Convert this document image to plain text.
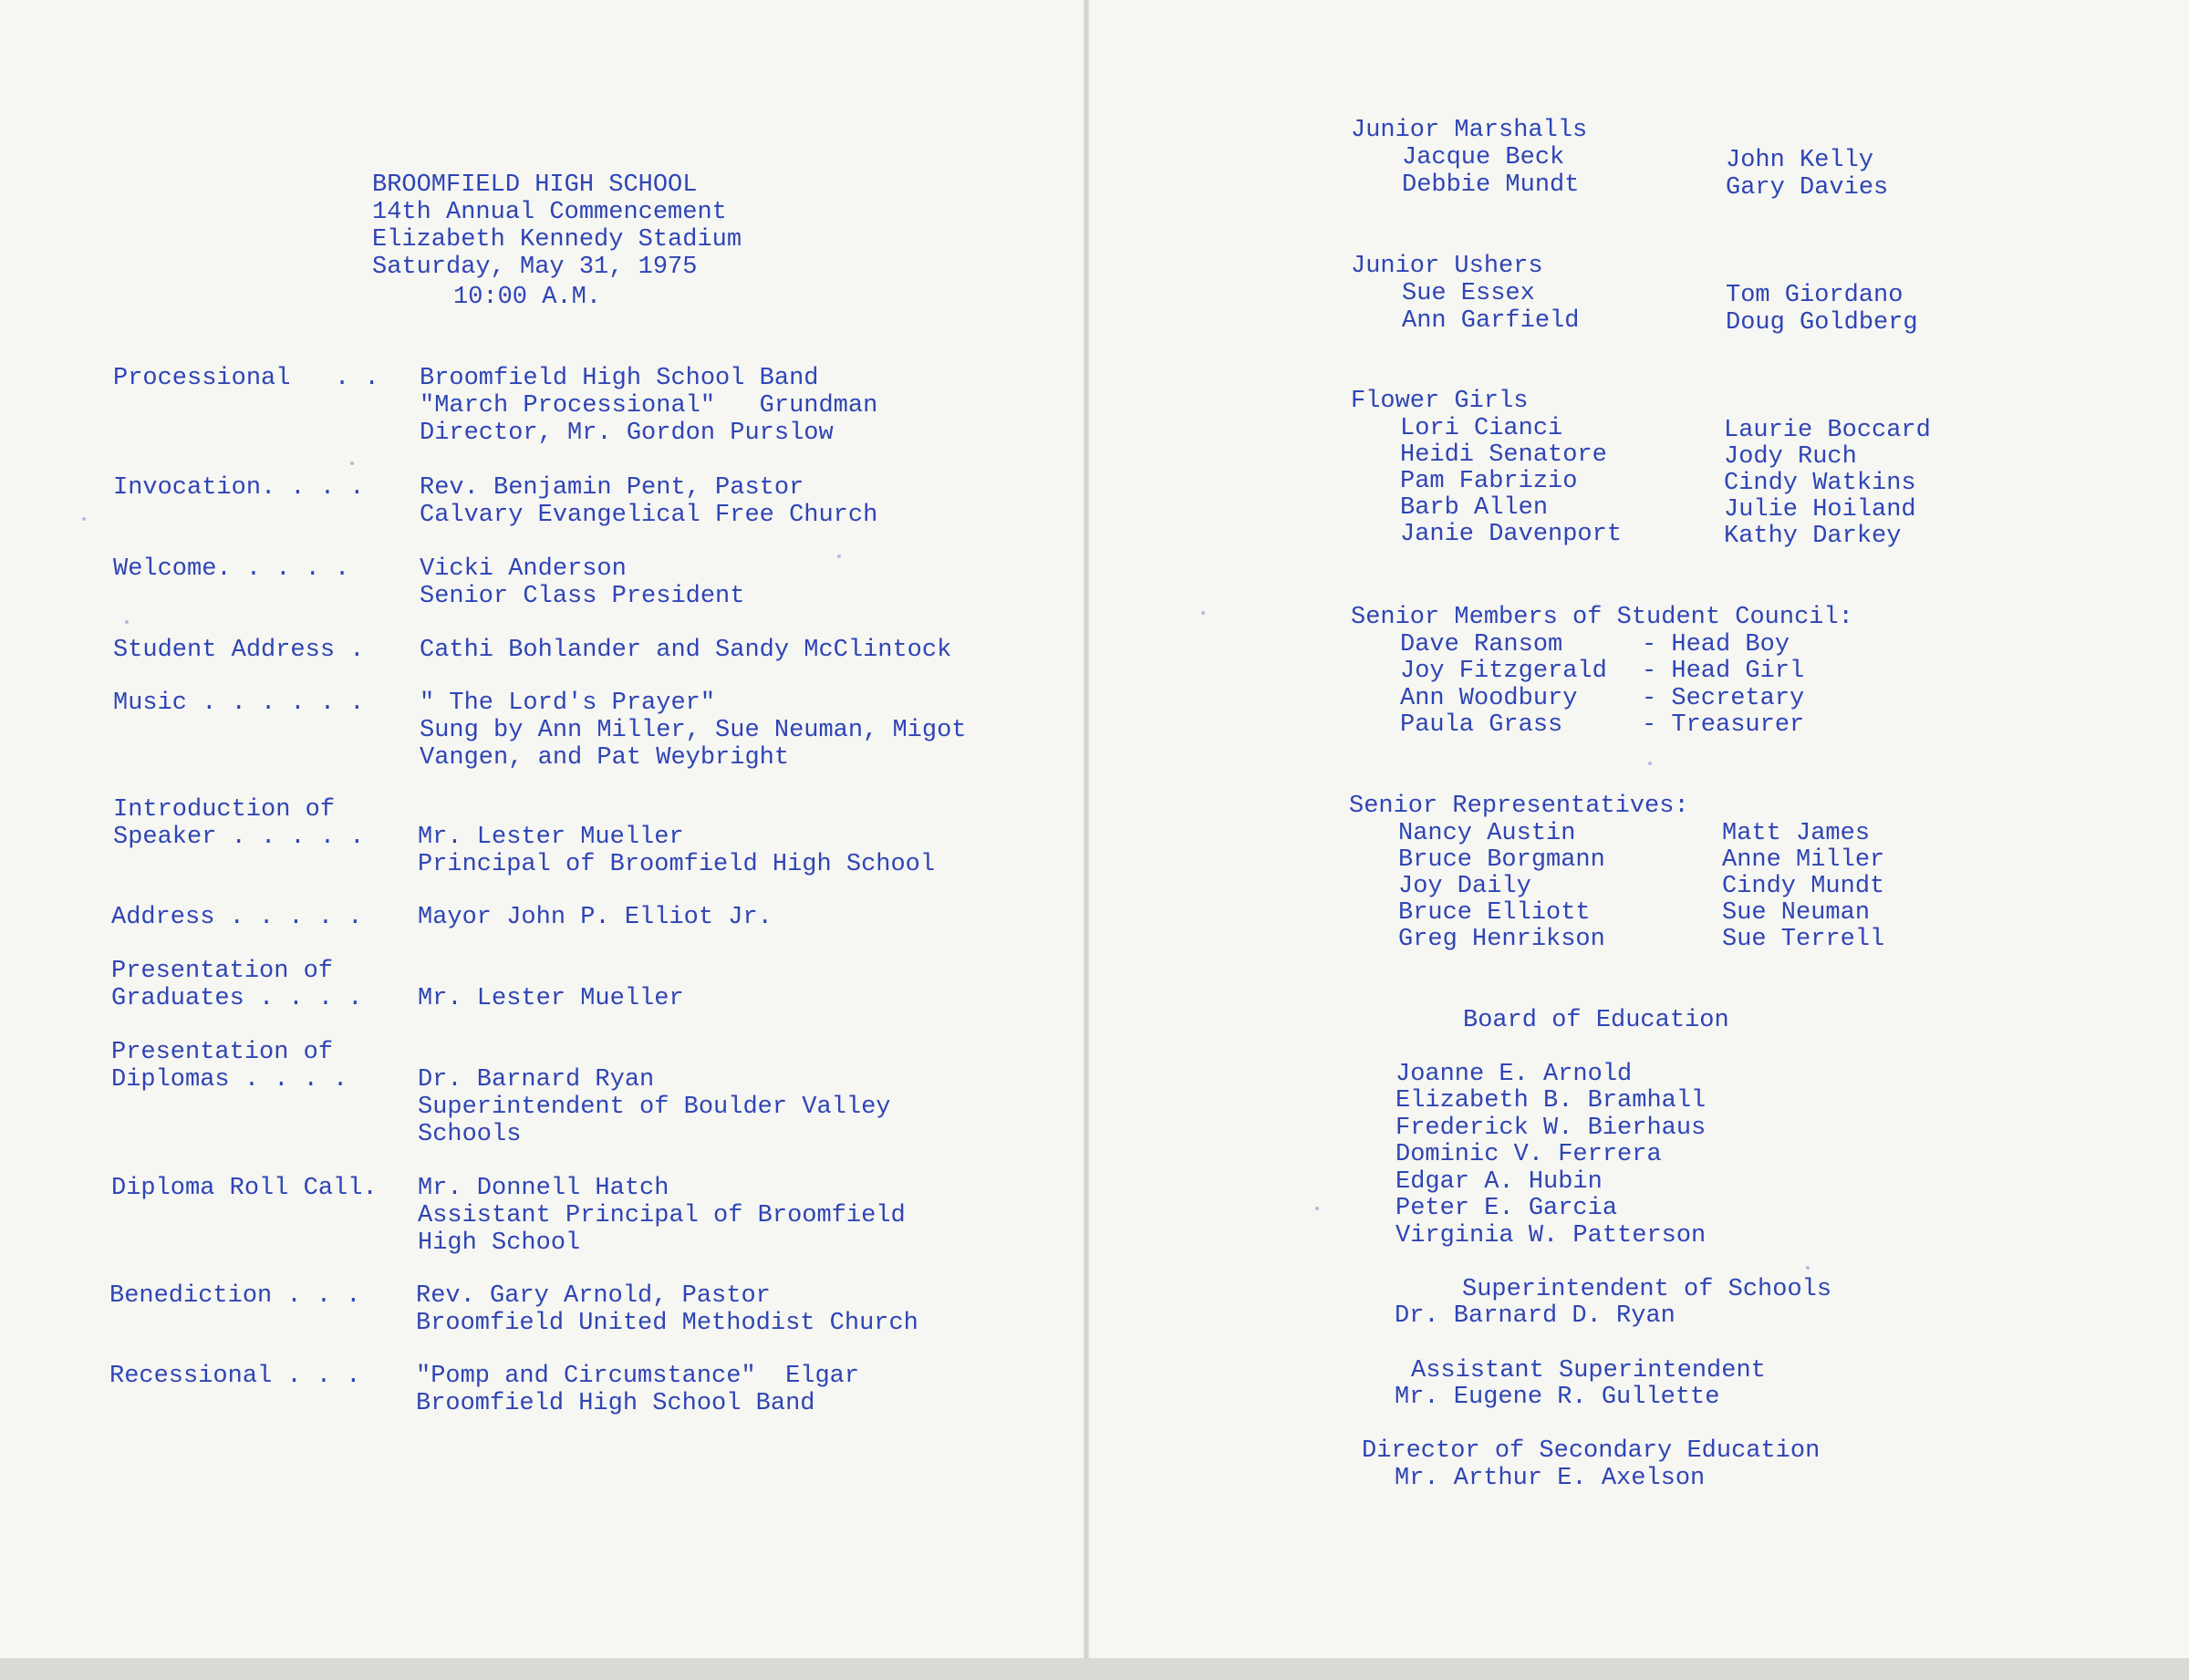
BROOMFIELD HIGH SCHOOL
14th Annual Commencement
Elizabeth Kennedy Stadium
Saturday, May 31, 1975
10:00 A.M.
Processional   . . Broomfield High School Band
"March Processional"   Grundman
Director, Mr. Gordon Purslow
Invocation. . . . Rev. Benjamin Pent, Pastor
Calvary Evangelical Free Church
Welcome. . . . .	Vicki Anderson
Senior Class President
Student Address . Cathi Bohlander and Sandy McClintock
Music . . . . . . " The Lord's Prayer"
Sung by Ann Miller, Sue Neuman, Migot
Vangen, and Pat Weybright
Introduction of
Speaker . . . . . Mr. Lester Mueller
Principal of Broomfield High School
Address . . . . . Mayor John P. Elliot Jr.
Presentation of
Graduates . . . . Mr. Lester Mueller
Presentation of
Diplomas . . . .	Dr. Barnard Ryan
Superintendent of Boulder Valley
Schools
Diploma Roll Call. Mr. Donnell Hatch
Assistant Principal of Broomfield
High School
Benediction . . . Rev. Gary Arnold, Pastor
Broomfield United Methodist Church
Recessional . . . "Pomp and Circumstance"  Elgar
Broomfield High School Band
Junior Marshalls
Jacque Beck
Debbie Mundt
John Kelly
Gary Davies
Junior Ushers
Sue Essex
Ann Garfield
Tom Giordano
Doug Goldberg
Flower Girls
Lori Cianci
Heidi Senatore
Pam Fabrizio
Barb Allen
Janie Davenport
Laurie Boccard
Jody Ruch
Cindy Watkins
Julie Hoiland
Kathy Darkey
Senior Members of Student Council:
Dave Ransom
Joy Fitzgerald
Ann Woodbury
Paula Grass
- Head Boy
- Head Girl
- Secretary
- Treasurer
Senior Representatives:
Nancy Austin
Bruce Borgmann
Joy Daily
Bruce Elliott
Greg Henrikson
Matt James
Anne Miller
Cindy Mundt
Sue Neuman
Sue Terrell
Board of Education
Joanne E. Arnold
Elizabeth B. Bramhall
Frederick W. Bierhaus
Dominic V. Ferrera
Edgar A. Hubin
Peter E. Garcia
Virginia W. Patterson
Superintendent of Schools
Dr. Barnard D. Ryan
Assistant Superintendent
Mr. Eugene R. Gullette
Director of Secondary Education
Mr. Arthur E. Axelson
